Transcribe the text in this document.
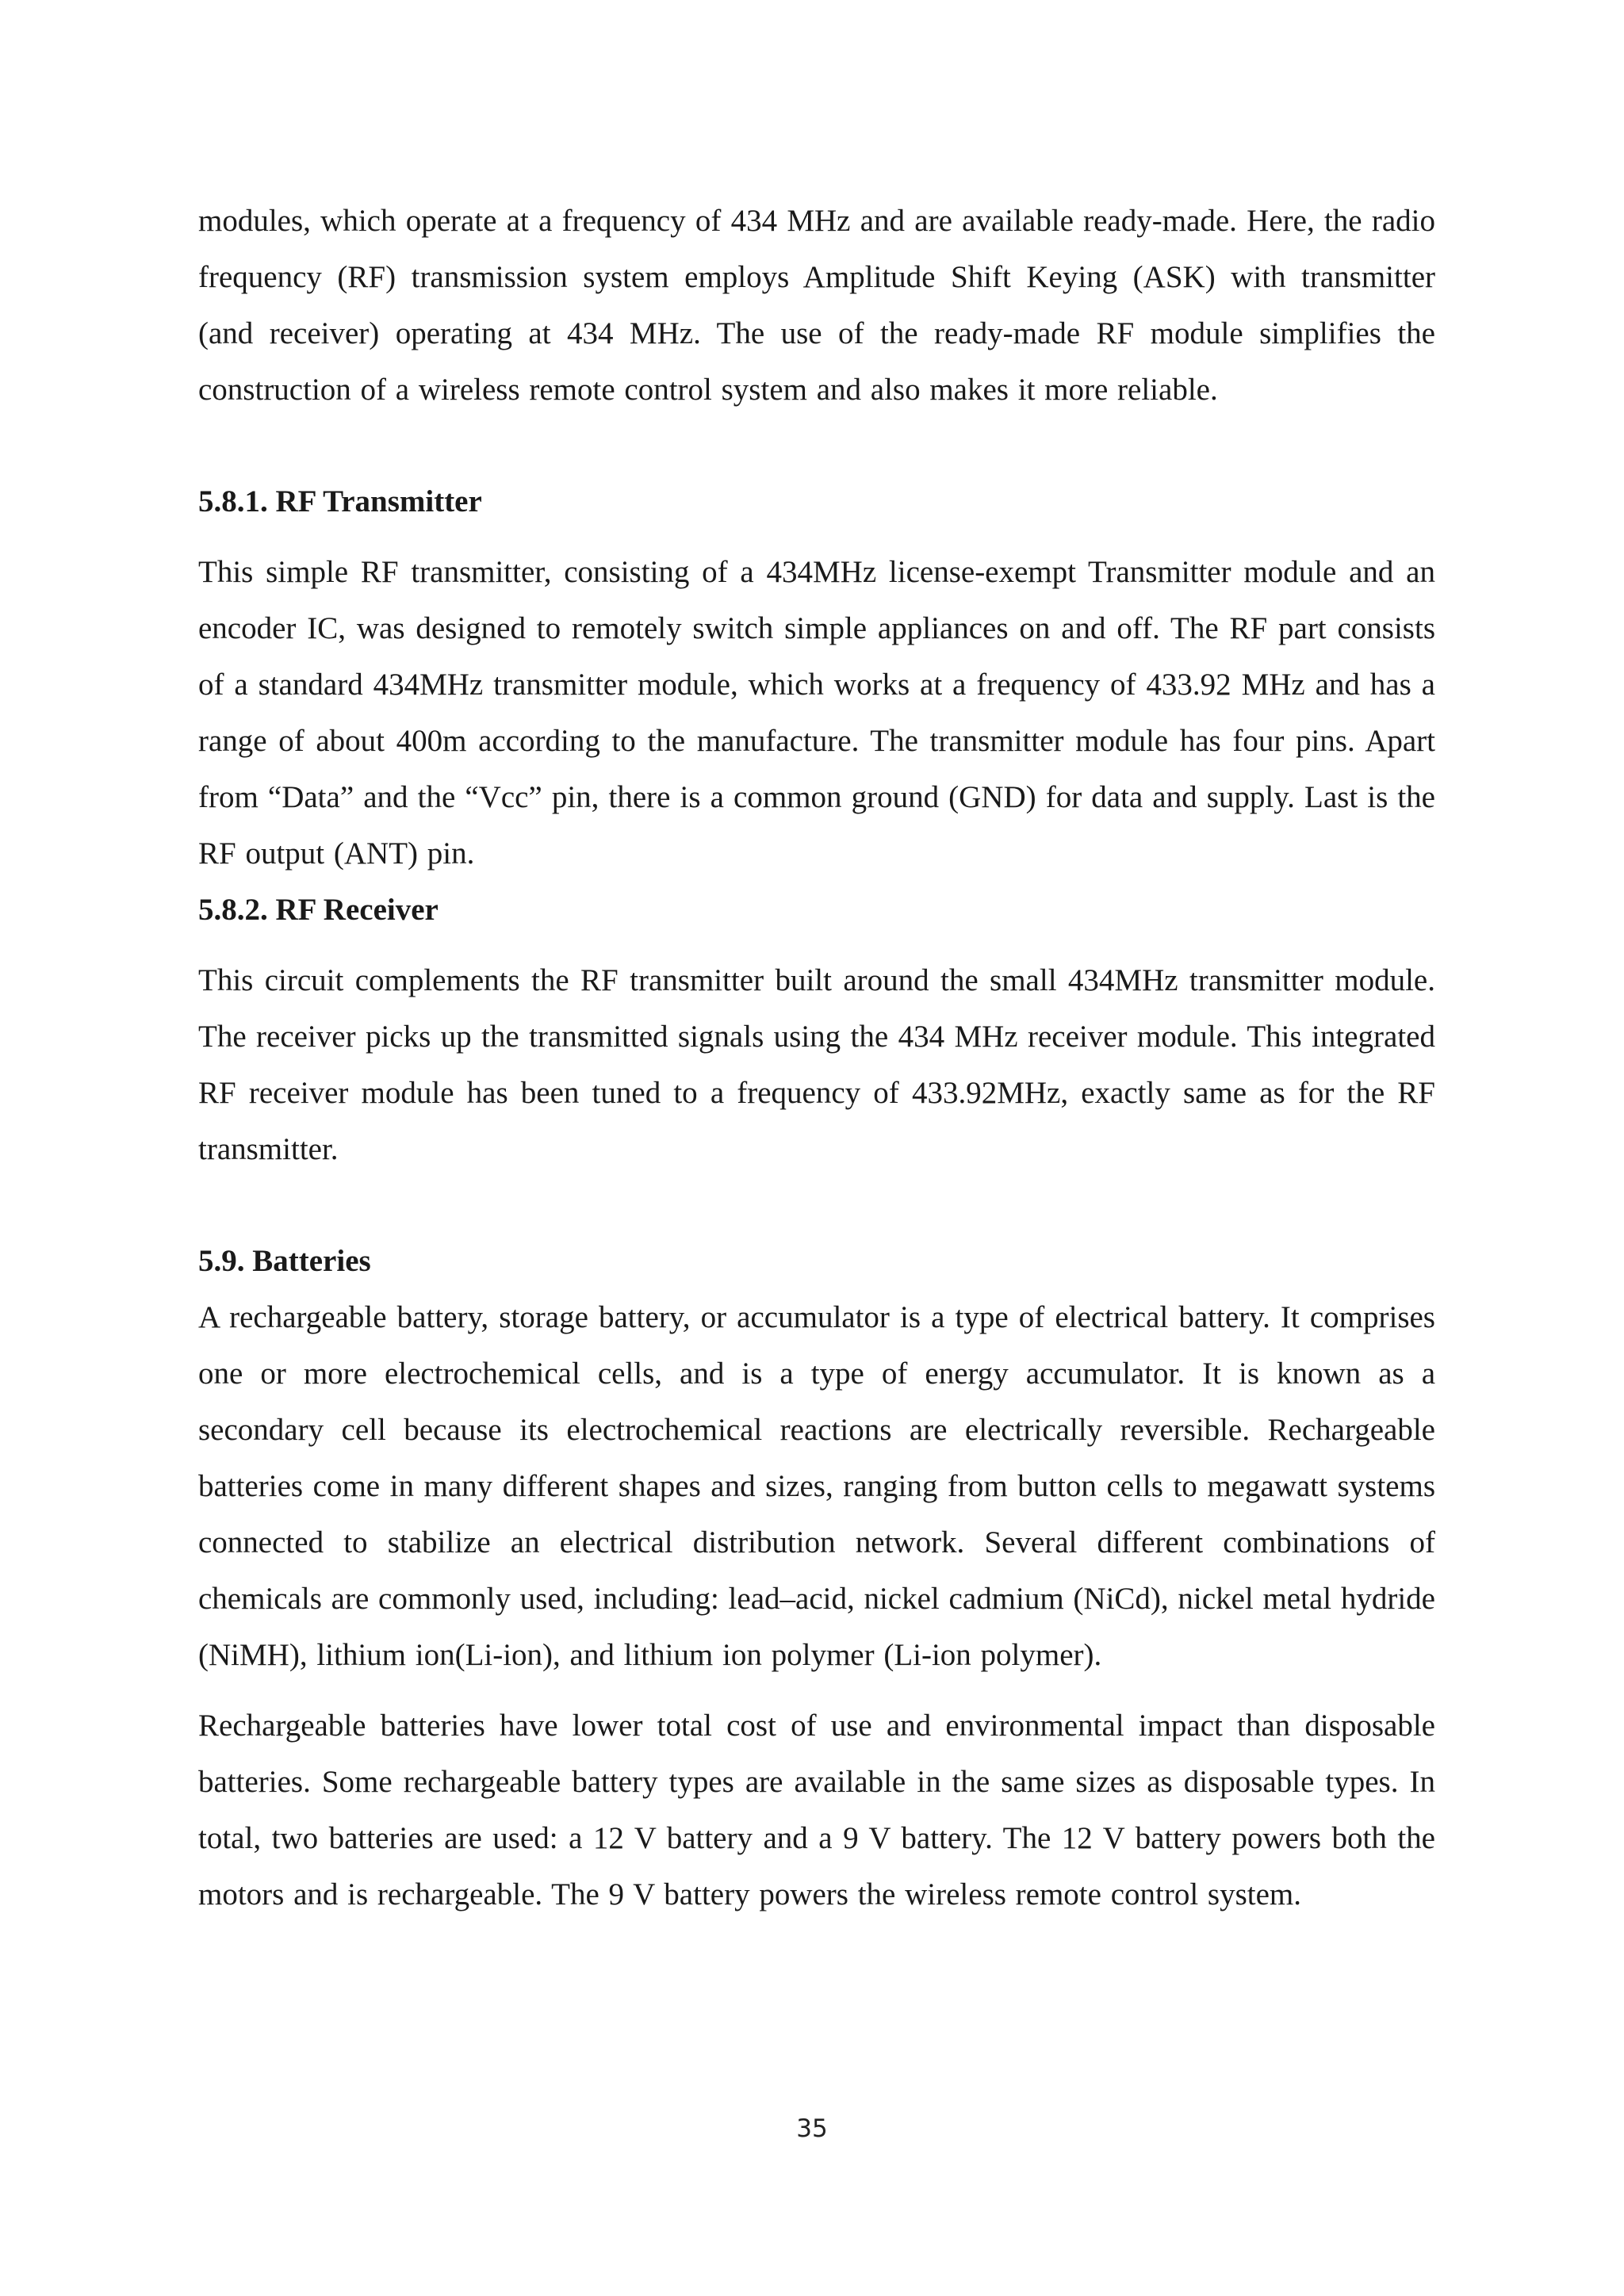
modules, which operate at a frequency of 434 MHz and are available ready-made. Here, the radio frequency (RF) transmission system employs Amplitude Shift Keying (ASK) with transmitter (and receiver) operating at 434 MHz. The use of the ready-made RF module simplifies the construction of a wireless remote control system and also makes it more reliable.

5.8.1. RF Transmitter

This simple RF transmitter, consisting of a 434MHz license-exempt Transmitter module and an encoder IC, was designed to remotely switch simple appliances on and off. The RF part consists of a standard 434MHz transmitter module, which works at a frequency of 433.92 MHz and has a range of about 400m according to the manufacture. The transmitter module has four pins. Apart from “Data” and the “Vcc” pin, there is a common ground (GND) for data and supply. Last is the RF output (ANT) pin.

5.8.2. RF Receiver

This circuit complements the RF transmitter built around the small 434MHz transmitter module. The receiver picks up the transmitted signals using the 434 MHz receiver module. This integrated RF receiver module has been tuned to a frequency of 433.92MHz, exactly same as for the RF transmitter.

5.9. Batteries

A rechargeable battery, storage battery, or accumulator is a type of electrical battery. It comprises one or more electrochemical cells, and is a type of energy accumulator. It is known as a secondary cell because its electrochemical reactions are electrically reversible. Rechargeable batteries come in many different shapes and sizes, ranging from button cells to megawatt systems connected to stabilize an electrical distribution network. Several different combinations of chemicals are commonly used, including: lead–acid, nickel cadmium (NiCd), nickel metal hydride (NiMH), lithium ion(Li-ion), and lithium ion polymer (Li-ion polymer).

Rechargeable batteries have lower total cost of use and environmental impact than disposable batteries. Some rechargeable battery types are available in the same sizes as disposable types. In total, two batteries are used: a 12 V battery and a 9 V battery. The 12 V battery powers both the motors and is rechargeable. The 9 V battery powers the wireless remote control system.

35
